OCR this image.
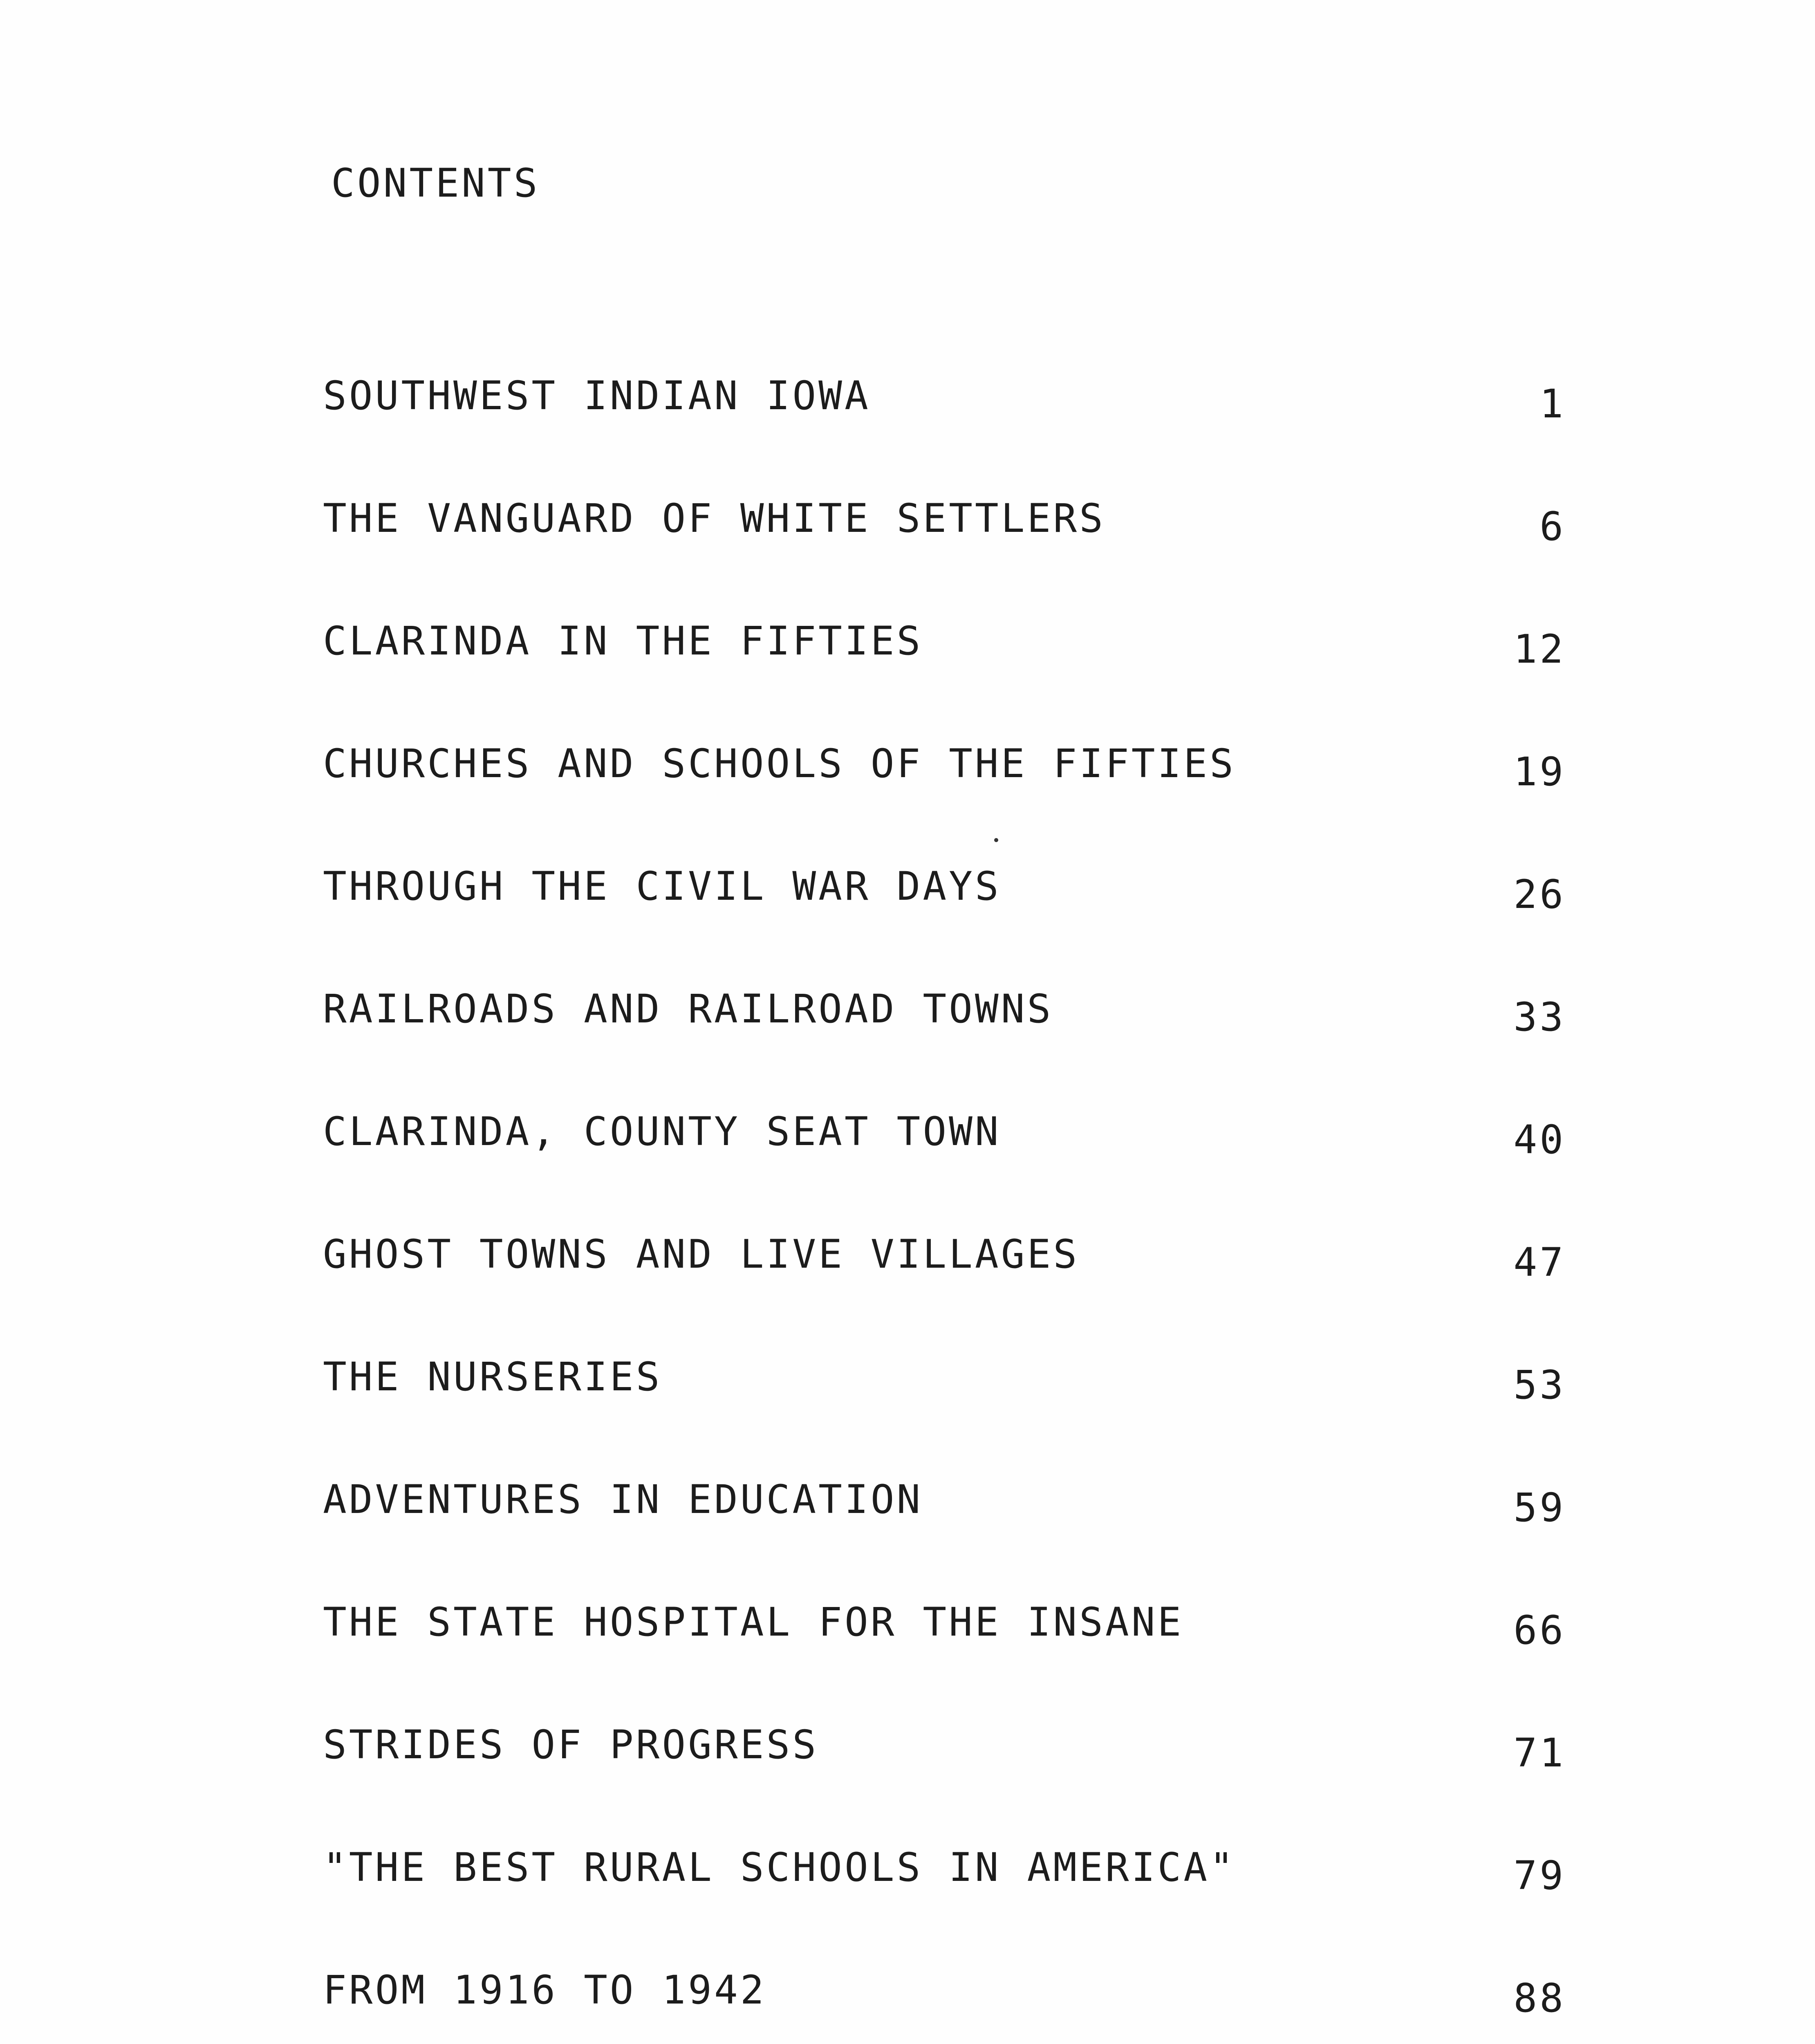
CONTENTS
SOUTHWEST INDIAN IOWA	1
THE VANGUARD OF WHITE SETTLERS	6
CLARINDA IN THE FIFTIES	12
CHURCHES AND SCHOOLS OF THE FIFTIES	19
THROUGH THE CIVIL WAR DAYS	26
RAILROADS AND RAILROAD TOWNS	33
CLARINDA, COUNTY SEAT TOWN	40
GHOST TOWNS AND LIVE VILLAGES	47
THE NURSERIES	53
ADVENTURES IN EDUCATION	59
THE STATE HOSPITAL FOR THE INSANE	66
STRIDES OF PROGRESS	71
"THE BEST RURAL SCHOOLS IN AMERICA"	79
FROM 1916 TO 1942	88
